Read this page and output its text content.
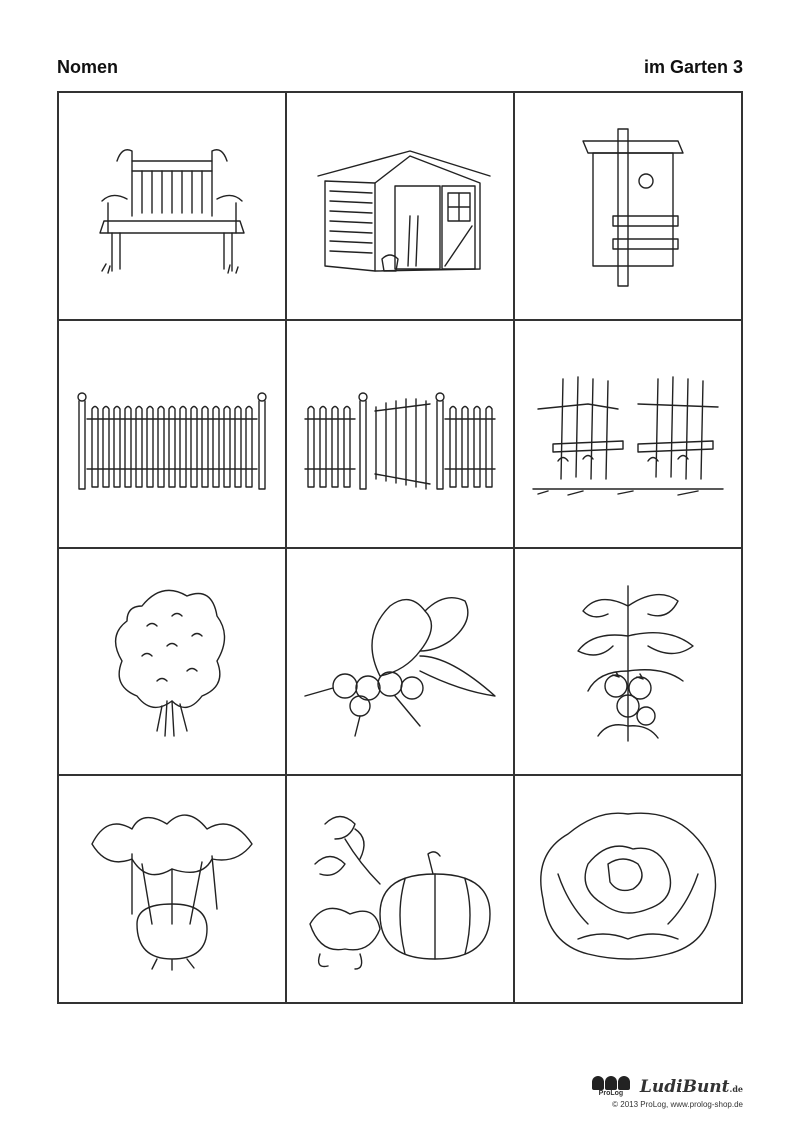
Nomen	im Garten 3
ProLog LudiBunt.de
© 2013 ProLog, www.prolog-shop.de
